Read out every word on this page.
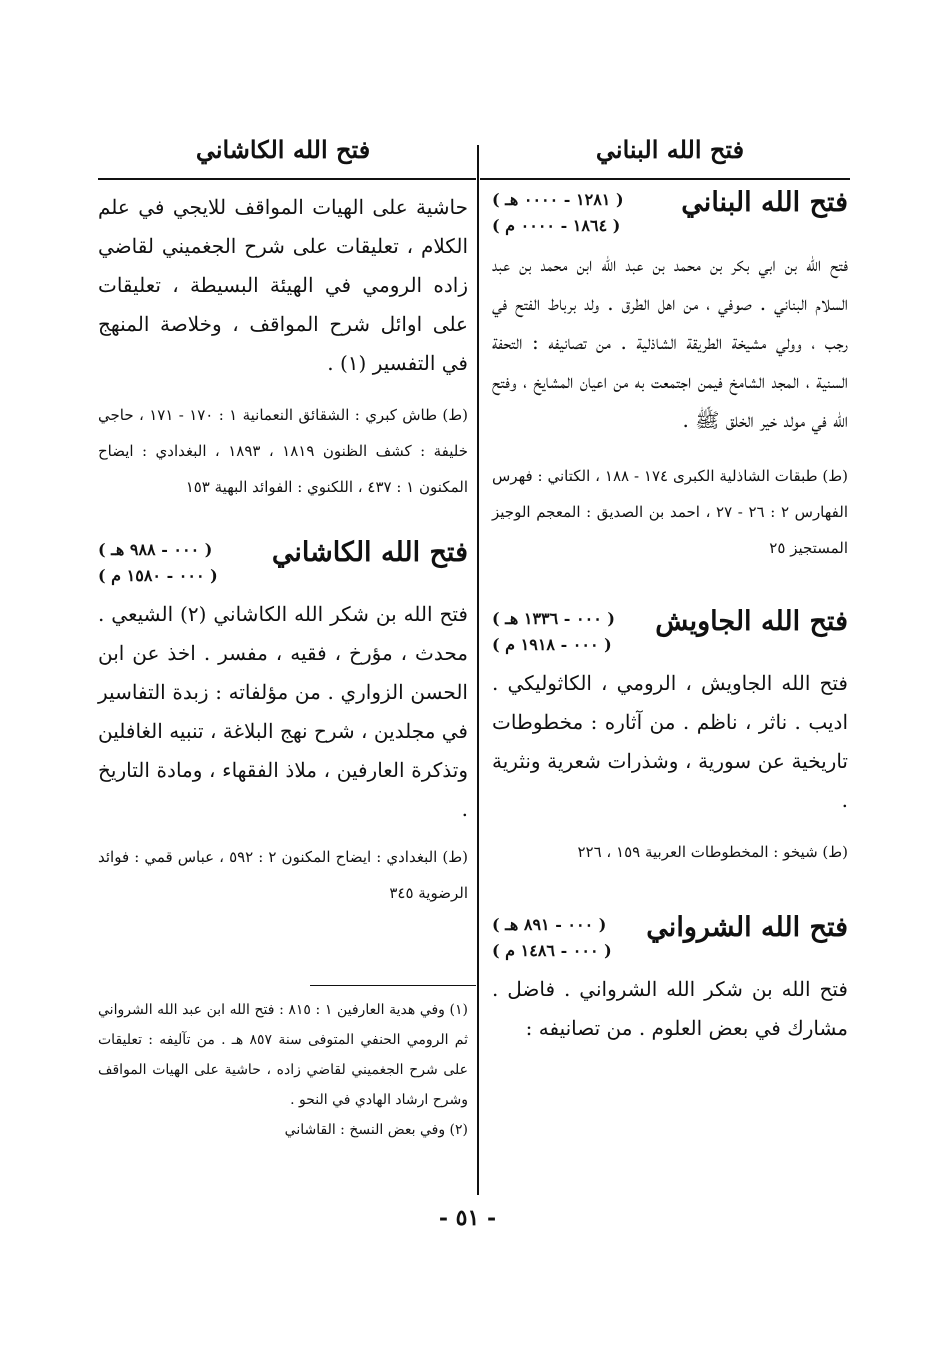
فتح الله البناني
فتح الله الكاشاني
فتح الله البناني
( ١٢٨١ - ٠٠٠٠ هـ )
( ١٨٦٤ - ٠٠٠٠ م )

فتح الله بن ابي بكر بن محمد بن عبد الله ابن محمد بن عبد السلام البناني . صوفي ، من اهل الطرق . ولد برباط الفتح في رجب ، وولي مشيخة الطريقة الشاذلية . من تصانيفه : التحفة السنية ، المجد الشامخ فيمن اجتمعت به من اعيان المشايخ ، وفتح الله في مولد خير الخلق ﷺ .

(ط) طبقات الشاذلية الكبرى ١٧٤ - ١٨٨ ، الكتاني : فهرس الفهارس ٢ : ٢٦ - ٢٧ ، احمد بن الصديق : المعجم الوجيز المستجيز ٢٥

فتح الله الجاويش
( ٠٠٠ - ١٣٣٦ هـ )
( ٠٠٠ - ١٩١٨ م )

فتح الله الجاويش ، الرومي ، الكاثوليكي . اديب . ناثر ، ناظم . من آثاره : مخطوطات تاريخية عن سورية ، وشذرات شعرية ونثرية .

(ط) شيخو : المخطوطات العربية ١٥٩ ، ٢٢٦

فتح الله الشرواني
( ٠٠٠ - ٨٩١ هـ )
( ٠٠٠ - ١٤٨٦ م )

فتح الله بن شكر الله الشرواني . فاضل . مشارك في بعض العلوم . من تصانيفه :

حاشية على الهيات المواقف للايجي في علم الكلام ، تعليقات على شرح الجغميني لقاضي زاده الرومي في الهيئة البسيطة ، تعليقات على اوائل شرح المواقف ، وخلاصة المنهج في التفسير (١) .

(ط) طاش كبري : الشقائق النعمانية ١ : ١٧٠ - ١٧١ ، حاجي خليفة : كشف الظنون ١٨١٩ ، ١٨٩٣ ، البغدادي : ايضاح المكنون ١ : ٤٣٧ ، اللكنوي : الفوائد البهية ١٥٣

فتح الله الكاشاني
( ٠٠٠ - ٩٨٨ هـ )
( ٠٠٠ - ١٥٨٠ م )

فتح الله بن شكر الله الكاشاني (٢) الشيعي . محدث ، مؤرخ ، فقيه ، مفسر . اخذ عن ابن الحسن الزواري . من مؤلفاته : زبدة التفاسير في مجلدين ، شرح نهج البلاغة ، تنبيه الغافلين وتذكرة العارفين ، ملاذ الفقهاء ، ومادة التاريخ .

(ط) البغدادي : ايضاح المكنون ٢ : ٥٩٢ ، عباس قمي : فوائد الرضوية ٣٤٥

(١) وفي هدية العارفين ١ : ٨١٥ : فتح الله ابن عبد الله الشرواني ثم الرومي الحنفي المتوفى سنة ٨٥٧ هـ . من تآليفه : تعليقات على شرح الجغميني لقاضي زاده ، حاشية على الهيات المواقف وشرح ارشاد الهادي في النحو .

(٢) وفي بعض النسخ : القاشاني

- ٥١ -
